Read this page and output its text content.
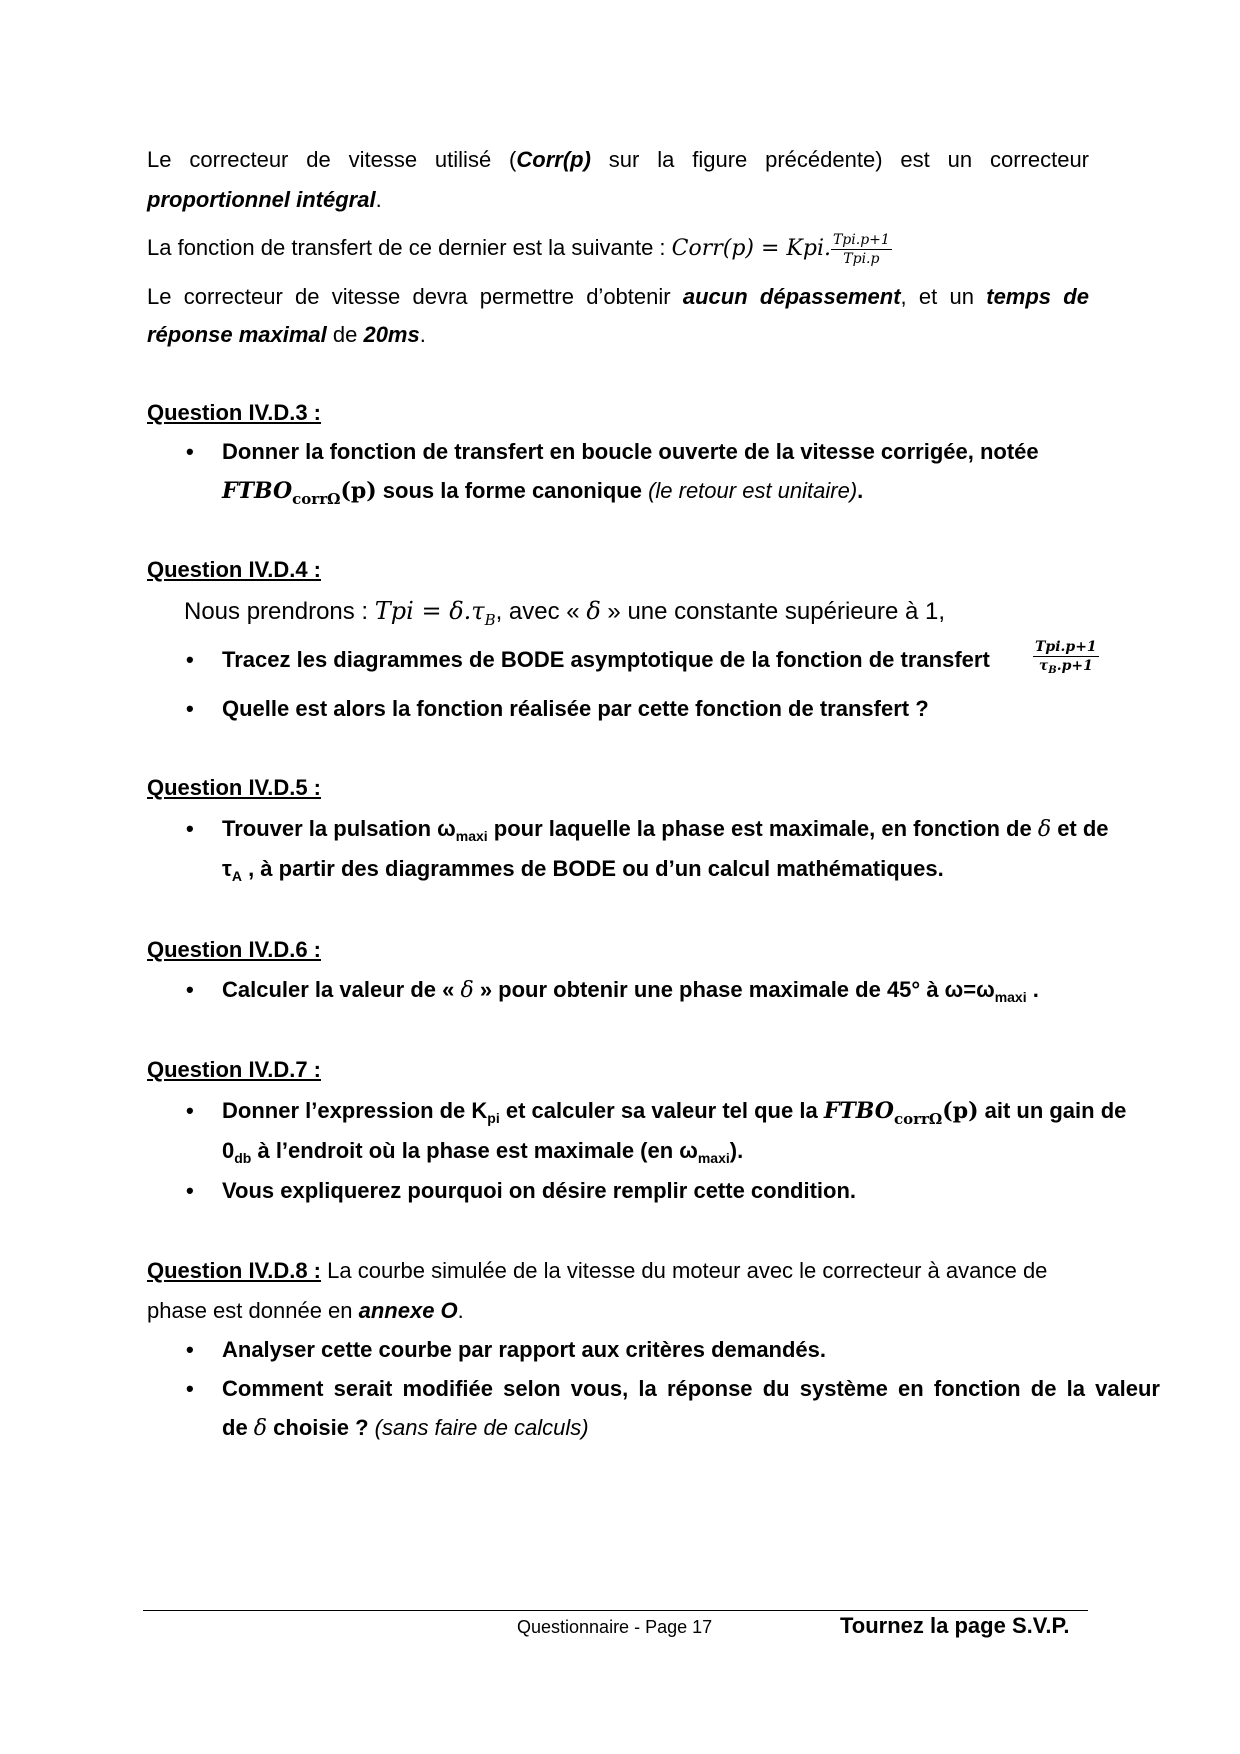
Le correcteur de vitesse utilisé (Corr(p) sur la figure précédente) est un correcteur
proportionnel intégral.
La fonction de transfert de ce dernier est la suivante : Corr(p) = Kpi. $\frac{\text{Tpi.p+1}}{\text{Tpi.p}}$
Le correcteur de vitesse devra permettre d’obtenir aucun dépassement, et un temps de
réponse maximal de 20ms.
Question IV.D.3 :
• Donner la fonction de transfert en boucle ouverte de la vitesse corrigée, notée
$FTBO_{corr\Omega}(p)$ sous la forme canonique (le retour est unitaire).
Question IV.D.4 :
Nous prendrons : Tpi = $\delta.\tau_B$, avec « δ » une constante supérieure à 1,
• Tracez les diagrammes de BODE asymptotique de la fonction de transfert	$\frac{\text{Tpi.p+1}}{\tau_B.p+1}$
• Quelle est alors la fonction réalisée par cette fonction de transfert ?
Question IV.D.5 :
• Trouver la pulsation $\omega_{maxi}$ pour laquelle la phase est maximale, en fonction de δ et de
$\tau_A$ , à partir des diagrammes de BODE ou d’un calcul mathématiques.
Question IV.D.6 :
• Calculer la valeur de « δ » pour obtenir une phase maximale de 45° à $\omega=\omega_{maxi}$ .
Question IV.D.7 :
• Donner l’expression de $K_{pi}$ et calculer sa valeur tel que la $FTBO_{corr\Omega}(p)$ ait un gain de
$0_{db}$ à l’endroit où la phase est maximale (en $\omega_{maxi}$).
• Vous expliquerez pourquoi on désire remplir cette condition.
Question IV.D.8 : La courbe simulée de la vitesse du moteur avec le correcteur à avance de
phase est donnée en annexe O.
• Analyser cette courbe par rapport aux critères demandés.
• Comment serait modifiée selon vous, la réponse du système en fonction de la valeur
de δ choisie ? (sans faire de calculs)
Questionnaire - Page 17	Tournez la page S.V.P.
